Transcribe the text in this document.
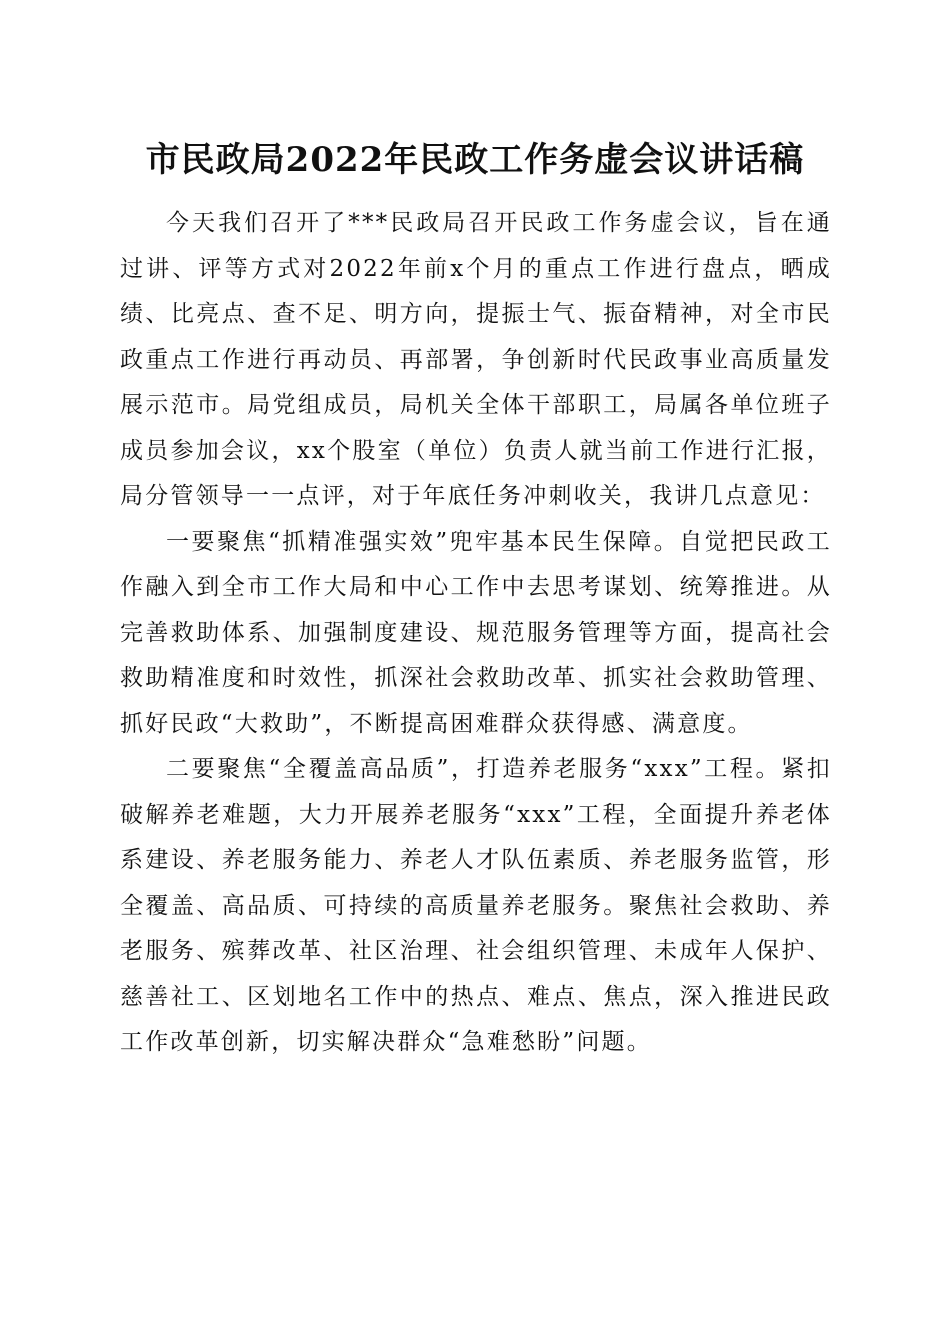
市民政局2022年民政工作务虚会议讲话稿

今天我们召开了***民政局召开民政工作务虚会议，旨在通过讲、评等方式对2022年前x个月的重点工作进行盘点，晒成绩、比亮点、查不足、明方向，提振士气、振奋精神，对全市民政重点工作进行再动员、再部署，争创新时代民政事业高质量发展示范市。局党组成员，局机关全体干部职工，局属各单位班子成员参加会议，xx个股室（单位）负责人就当前工作进行汇报，局分管领导一一点评，对于年底任务冲刺收关，我讲几点意见：

一要聚焦“抓精准强实效”兜牢基本民生保障。自觉把民政工作融入到全市工作大局和中心工作中去思考谋划、统筹推进。从完善救助体系、加强制度建设、规范服务管理等方面，提高社会救助精准度和时效性，抓深社会救助改革、抓实社会救助管理、抓好民政“大救助”，不断提高困难群众获得感、满意度。

二要聚焦“全覆盖高品质”，打造养老服务“xxx”工程。紧扣破解养老难题，大力开展养老服务“xxx”工程，全面提升养老体系建设、养老服务能力、养老人才队伍素质、养老服务监管，形全覆盖、高品质、可持续的高质量养老服务。聚焦社会救助、养老服务、殡葬改革、社区治理、社会组织管理、未成年人保护、慈善社工、区划地名工作中的热点、难点、焦点，深入推进民政工作改革创新，切实解决群众“急难愁盼”问题。
